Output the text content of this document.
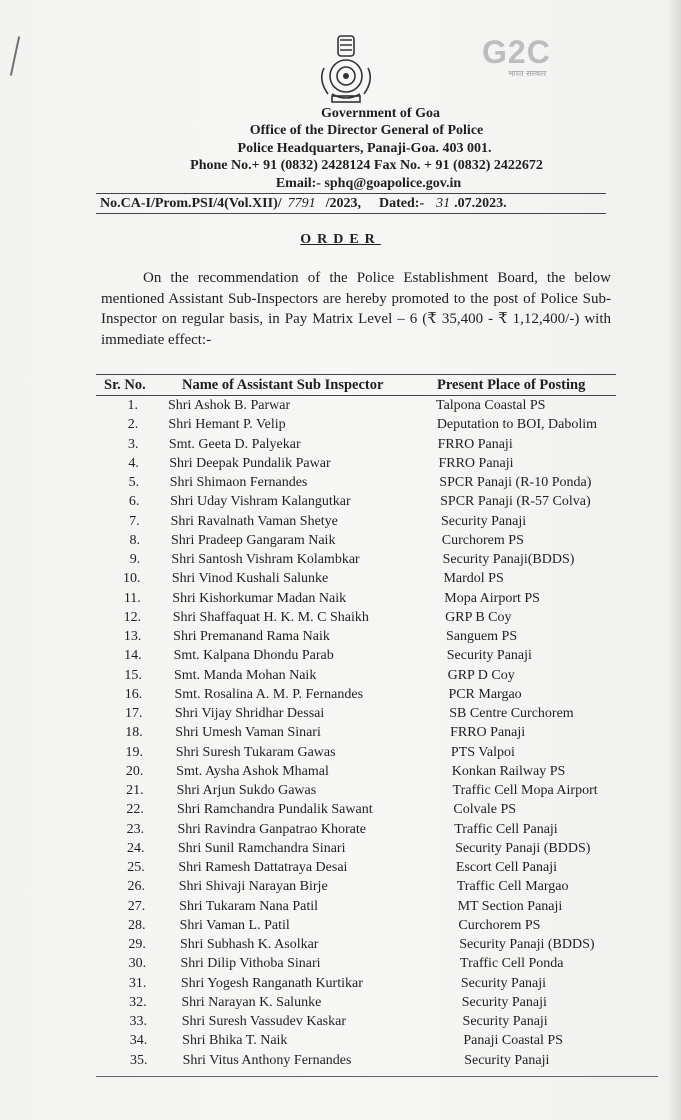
G2C
भारत सरकार
Government of Goa
Office of the Director General of Police
Police Headquarters, Panaji-Goa. 403 001.
Phone No.+ 91 (0832) 2428124 Fax No. + 91 (0832) 2422672
Email:- sphq@goapolice.gov.in
No.CA-I/Prom.PSI/4(Vol.XII)/ 7791 /2023, Dated:- 31 .07.2023.
ORDER
On the recommendation of the Police Establishment Board, the below mentioned Assistant Sub-Inspectors are hereby promoted to the post of Police Sub-Inspector on regular basis, in Pay Matrix Level – 6 (₹ 35,400 - ₹ 1,12,400/-) with immediate effect:-
Sr. No. Name of Assistant Sub Inspector	Present Place of Posting
1. Shri Ashok B. Parwar	Talpona Coastal PS
2. Shri Hemant P. Velip	Deputation to BOI, Dabolim
3. Smt. Geeta D. Palyekar	FRRO Panaji
4. Shri Deepak Pundalik Pawar	FRRO Panaji
5. Shri Shimaon Fernandes	SPCR Panaji (R-10 Ponda)
6. Shri Uday Vishram Kalangutkar	SPCR Panaji (R-57 Colva)
7. Shri Ravalnath Vaman Shetye	Security Panaji
8. Shri Pradeep Gangaram Naik	Curchorem PS
9. Shri Santosh Vishram Kolambkar	Security Panaji(BDDS)
10. Shri Vinod Kushali Salunke	Mardol PS
11. Shri Kishorkumar Madan Naik	Mopa Airport PS
12. Shri Shaffaquat H. K. M. C Shaikh	GRP B Coy
13. Shri Premanand Rama Naik	Sanguem PS
14. Smt. Kalpana Dhondu Parab	Security Panaji
15. Smt. Manda Mohan Naik	GRP D Coy
16. Smt. Rosalina A. M. P. Fernandes	PCR Margao
17. Shri Vijay Shridhar Dessai	SB Centre Curchorem
18. Shri Umesh Vaman Sinari	FRRO Panaji
19. Shri Suresh Tukaram Gawas	PTS Valpoi
20. Smt. Aysha Ashok Mhamal	Konkan Railway PS
21. Shri Arjun Sukdo Gawas	Traffic Cell Mopa Airport
22. Shri Ramchandra Pundalik Sawant	Colvale PS
23. Shri Ravindra Ganpatrao Khorate	Traffic Cell Panaji
24. Shri Sunil Ramchandra Sinari	Security Panaji (BDDS)
25. Shri Ramesh Dattatraya Desai	Escort Cell Panaji
26. Shri Shivaji Narayan Birje	Traffic Cell Margao
27. Shri Tukaram Nana Patil	MT Section Panaji
28. Shri Vaman L. Patil	Curchorem PS
29. Shri Subhash K. Asolkar	Security Panaji (BDDS)
30. Shri Dilip Vithoba Sinari	Traffic Cell Ponda
31. Shri Yogesh Ranganath Kurtikar	Security Panaji
32. Shri Narayan K. Salunke	Security Panaji
33. Shri Suresh Vassudev Kaskar	Security Panaji
34. Shri Bhika T. Naik	Panaji Coastal PS
35.	Shri Vitus Anthony Fernandes	Security Panaji
